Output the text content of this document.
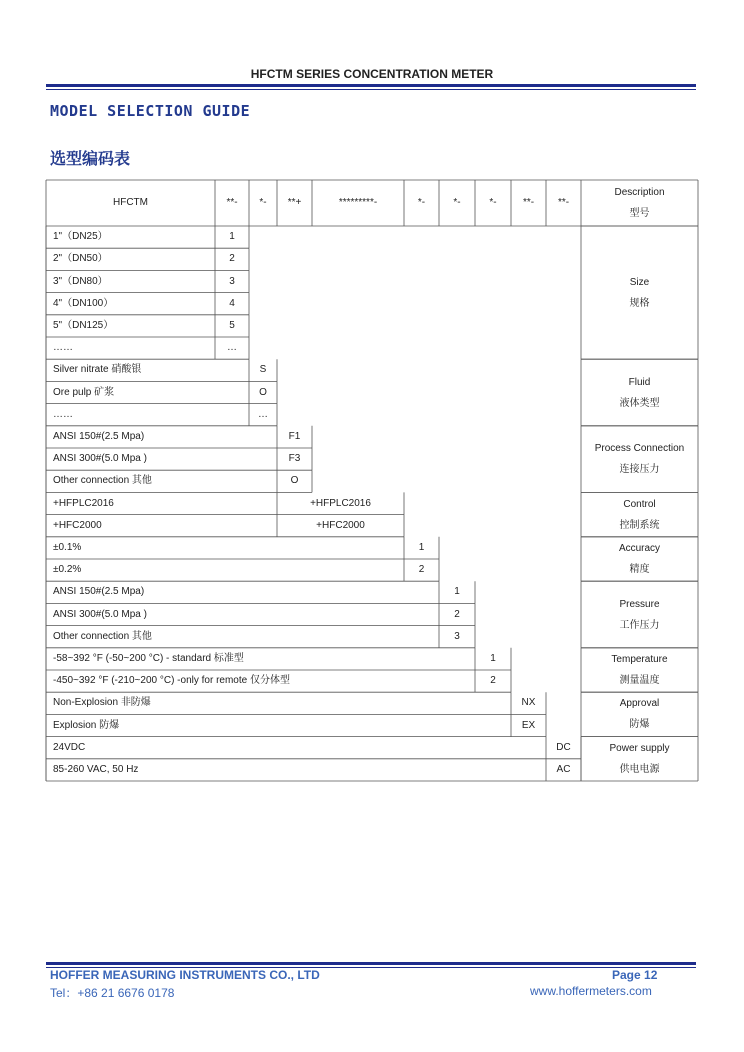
HFCTM SERIES CONCENTRATION METER
MODEL SELECTION GUIDE
选型编码表
HFCTM	**-	*-	**+	*********-	*-	*-	*-	**-	**-
Description
型号
1"（DN25）	1
2"（DN50）	2
3"（DN80）	3
4"（DN100）	4
5"（DN125）	5
……	…
Size
规格
Silver nitrate 硝酸银	S
Ore pulp 矿浆	O
……	…
Fluid
液体类型
ANSI 150#(2.5 Mpa)	F1
ANSI 300#(5.0 Mpa )	F3
Other connection 其他	O
Process Connection
连接压力
+HFPLC2016	+HFPLC2016
+HFC2000	+HFC2000
Control
控制系统
±0.1%	1
±0.2%	2
Accuracy
精度
ANSI 150#(2.5 Mpa)	1
ANSI 300#(5.0 Mpa )	2
Other connection 其他	3
Pressure
工作压力
-58~392 °F (-50~200 °C) - standard 标准型	1
-450~392 °F (-210~200 °C) -only for remote 仅分体型	2
Temperature
测量温度
Non-Explosion 非防爆	NX
Explosion 防爆	EX
Approval
防爆
24VDC	DC
85-260 VAC, 50 Hz	AC
Power supply
供电电源
HOFFER MEASURING INSTRUMENTS CO., LTD	Page 12
Tel：+86 21 6676 0178	www.hoffermeters.com
